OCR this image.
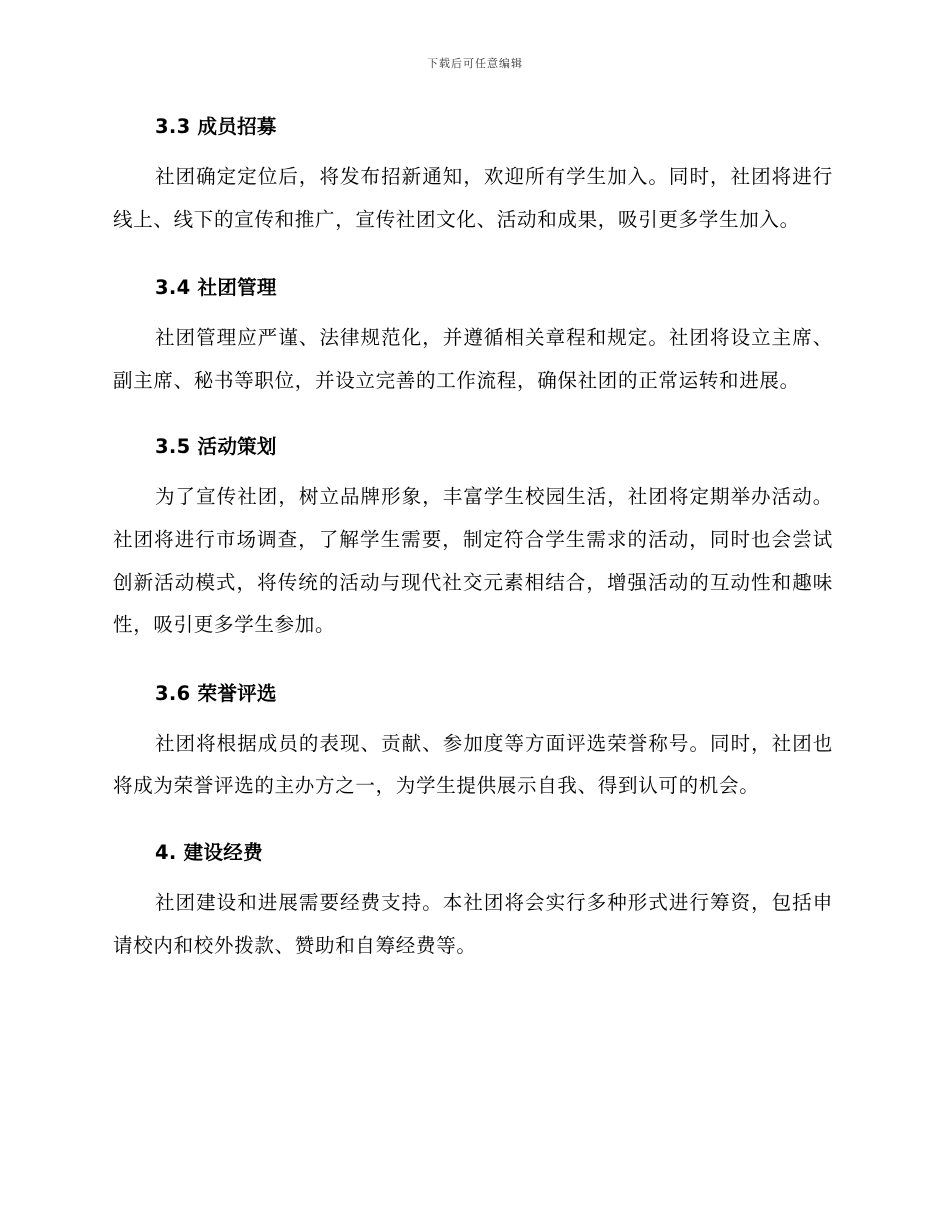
下载后可任意编辑
3.3 成员招募

社团确定定位后，将发布招新通知，欢迎所有学生加入。同时，社团将进行线上、线下的宣传和推广，宣传社团文化、活动和成果，吸引更多学生加入。

3.4 社团管理

社团管理应严谨、法律规范化，并遵循相关章程和规定。社团将设立主席、副主席、秘书等职位，并设立完善的工作流程，确保社团的正常运转和进展。

3.5 活动策划

为了宣传社团，树立品牌形象，丰富学生校园生活，社团将定期举办活动。社团将进行市场调查，了解学生需要，制定符合学生需求的活动，同时也会尝试创新活动模式，将传统的活动与现代社交元素相结合，增强活动的互动性和趣味性，吸引更多学生参加。

3.6 荣誉评选

社团将根据成员的表现、贡献、参加度等方面评选荣誉称号。同时，社团也将成为荣誉评选的主办方之一，为学生提供展示自我、得到认可的机会。

4. 建设经费

社团建设和进展需要经费支持。本社团将会实行多种形式进行筹资，包括申请校内和校外拨款、赞助和自筹经费等。
